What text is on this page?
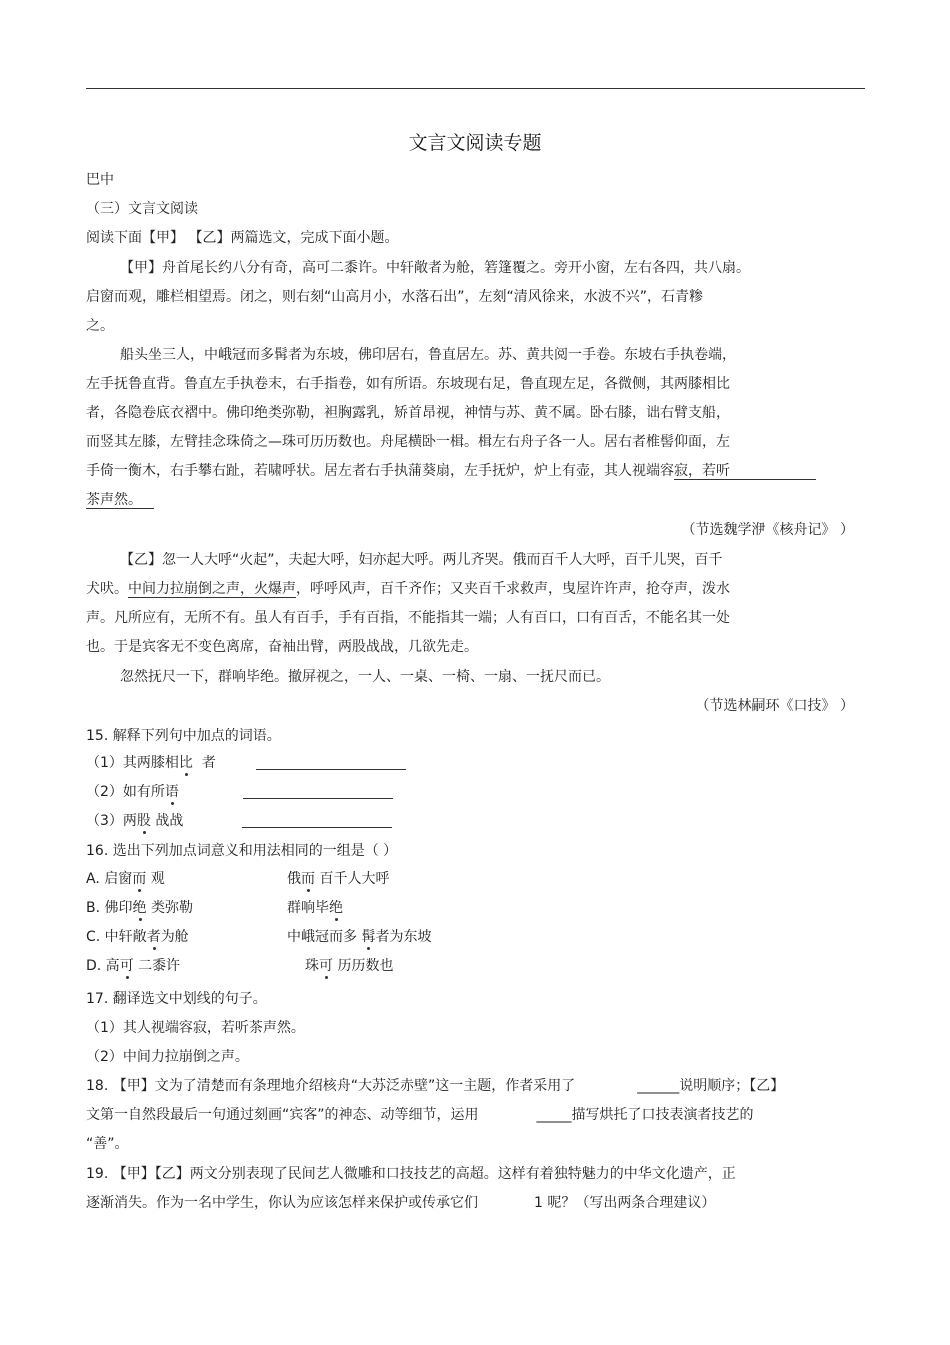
文言文阅读专题
巴中
（三）文言文阅读
阅读下面【甲】 【乙】两篇选文，完成下面小题。
【甲】舟首尾长约八分有奇，高可二黍许。中轩敞者为舱，箬篷覆之。旁开小窗，左右各四，共八扇。
启窗而观，雕栏相望焉。闭之，则右刻“山高月小，水落石出”，左刻“清风徐来，水波不兴”，石青糁
之。
船头坐三人，中峨冠而多髯者为东坡，佛印居右，鲁直居左。苏、黄共阅一手卷。东坡右手执卷端，
左手抚鲁直背。鲁直左手执卷末，右手指卷，如有所语。东坡现右足，鲁直现左足，各微侧，其两膝相比
者，各隐卷底衣褶中。佛印绝类弥勒，袒胸露乳，矫首昂视，神情与苏、黄不属。卧右膝，诎右臂支船，
而竖其左膝，左臂挂念珠倚之—珠可历历数也。舟尾横卧一楫。楫左右舟子各一人。居右者椎髻仰面，左
手倚一衡木，右手攀右趾，若啸呼状。居左者右手执蒲葵扇，左手抚炉，炉上有壶，其人视端容寂，若听
茶声然。
（节选魏学洢《核舟记》 ）
【乙】忽一人大呼“火起”，夫起大呼，妇亦起大呼。两儿齐哭。俄而百千人大呼，百千儿哭，百千
犬吠。中间力拉崩倒之声，火爆声，呼呼风声，百千齐作；又夹百千求救声，曳屋许许声，抢夺声，泼水
声。凡所应有，无所不有。虽人有百手，手有百指，不能指其一端；人有百口，口有百舌，不能名其一处
也。于是宾客无不变色离席，奋袖出臂，两股战战，几欲先走。
忽然抚尺一下，群响毕绝。撤屏视之，一人、一桌、一椅、一扇、一抚尺而已。
（节选林嗣环《口技》 ）
15. 解释下列句中加点的词语。
（1）其两膝相比 者
（2）如有所语
（3）两股 战战
16. 选出下列加点词意义和用法相同的一组是（ ）
A. 启窗而 观	俄而 百千人大呼
B. 佛印绝 类弥勒	群响毕绝
C. 中轩敞者为舱	中峨冠而多 髯者为东坡
D. 高可 二黍许	珠可 历历数也
17. 翻译选文中划线的句子。
（1）其人视端容寂，若听茶声然。
（2）中间力拉崩倒之声。
18. 【甲】文为了清楚而有条理地介绍核舟“大苏泛赤壁”这一主题，作者采用了	______说明顺序；【乙】
文第一自然段最后一句通过刻画“宾客”的神态、动等细节，运用	_____描写烘托了口技表演者技艺的
“善”。
19. 【甲】【乙】两文分别表现了民间艺人微雕和口技技艺的高超。这样有着独特魅力的中华文化遗产，正
逐渐消失。作为一名中学生，你认为应该怎样来保护或传承它们	1 呢？（写出两条合理建议）
